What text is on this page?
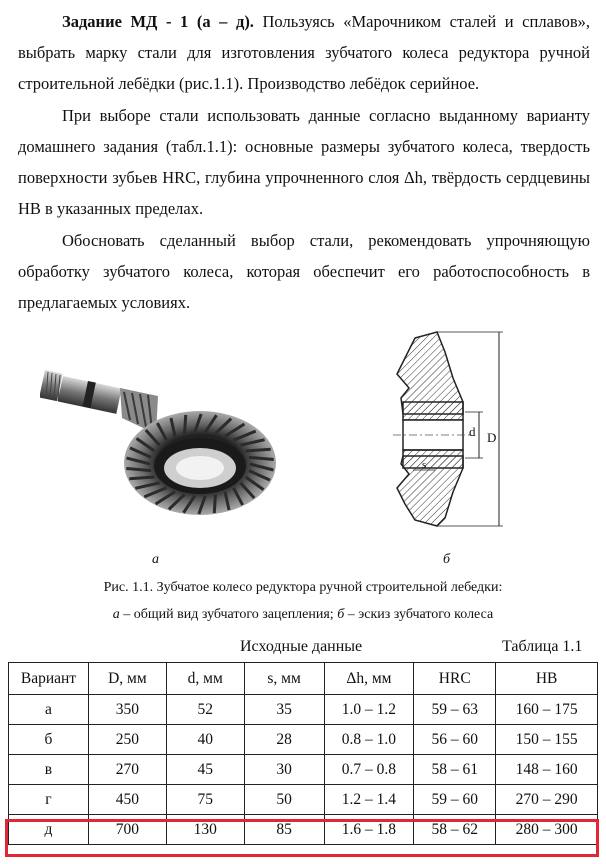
Задание МД - 1 (а – д). Пользуясь «Марочником сталей и сплавов», выбрать марку стали для изготовления зубчатого колеса редуктора ручной строительной лебёдки (рис.1.1). Производство лебёдок серийное.

При выборе стали использовать данные согласно выданному варианту домашнего задания (табл.1.1): основные размеры зубчатого колеса, твердость поверхности зубьев HRC, глубина упрочненного слоя Δh, твёрдость сердцевины HB в указанных пределах.

Обосновать сделанный выбор стали, рекомендовать упрочняющую обработку зубчатого колеса, которая обеспечит его работоспособность в предлагаемых условиях.

d D
s
а	б
Рис. 1.1. Зубчатое колесо редуктора ручной строительной лебедки:
а – общий вид зубчатого зацепления; б – эскиз зубчатого колеса
Исходные данные	Таблица 1.1
Вариант	D, мм	d, мм	s, мм	Δh, мм	HRC	HB
а	350	52	35	1.0 – 1.2	59 – 63	160 – 175
б	250	40	28	0.8 – 1.0	56 – 60	150 – 155
в	270	45	30	0.7 – 0.8	58 – 61	148 – 160
г	450	75	50	1.2 – 1.4	59 – 60	270 – 290
д	700	130	85	1.6 – 1.8	58 – 62	280 – 300
